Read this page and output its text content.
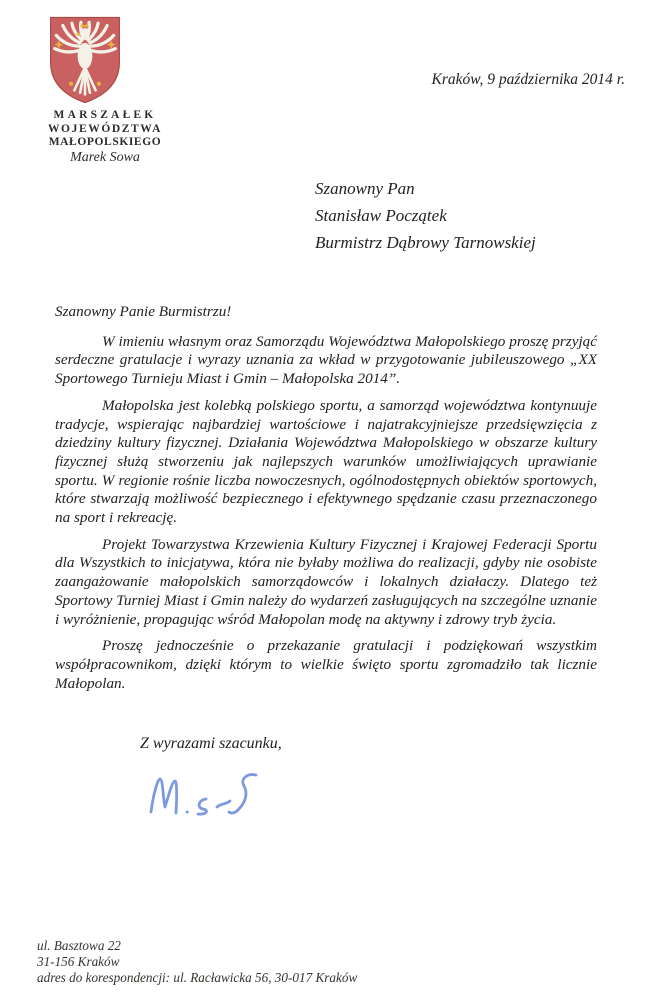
MARSZAŁEK
WOJEWÓDZTWA
MAŁOPOLSKIEGO
Marek Sowa
Kraków, 9 października 2014 r.
Szanowny Pan
Stanisław Początek
Burmistrz Dąbrowy Tarnowskiej

Szanowny Panie Burmistrzu!

W imieniu własnym oraz Samorządu Województwa Małopolskiego proszę przyjąć serdeczne gratulacje i wyrazy uznania za wkład w przygotowanie jubileuszowego „XX Sportowego Turnieju Miast i Gmin – Małopolska 2014”.

Małopolska jest kolebką polskiego sportu, a samorząd województwa kontynuuje tradycje, wspierając najbardziej wartościowe i najatrakcyjniejsze przedsięwzięcia z dziedziny kultury fizycznej. Działania Województwa Małopolskiego w obszarze kultury fizycznej służą stworzeniu jak najlepszych warunków umożliwiających uprawianie sportu. W regionie rośnie liczba nowoczesnych, ogólnodostępnych obiektów sportowych, które stwarzają możliwość bezpiecznego i efektywnego spędzanie czasu przeznaczonego na sport i rekreację.

Projekt Towarzystwa Krzewienia Kultury Fizycznej i Krajowej Federacji Sportu dla Wszystkich to inicjatywa, która nie byłaby możliwa do realizacji, gdyby nie osobiste zaangażowanie małopolskich samorządowców i lokalnych działaczy. Dlatego też Sportowy Turniej Miast i Gmin należy do wydarzeń zasługujących na szczególne uznanie i wyróżnienie, propagując wśród Małopolan modę na aktywny i zdrowy tryb życia.

Proszę jednocześnie o przekazanie gratulacji i podziękowań wszystkim współpracownikom, dzięki którym to wielkie święto sportu zgromadziło tak licznie Małopolan.

Z wyrazami szacunku,
ul. Basztowa 22
31-156 Kraków
adres do korespondencji: ul. Racławicka 56, 30-017 Kraków
